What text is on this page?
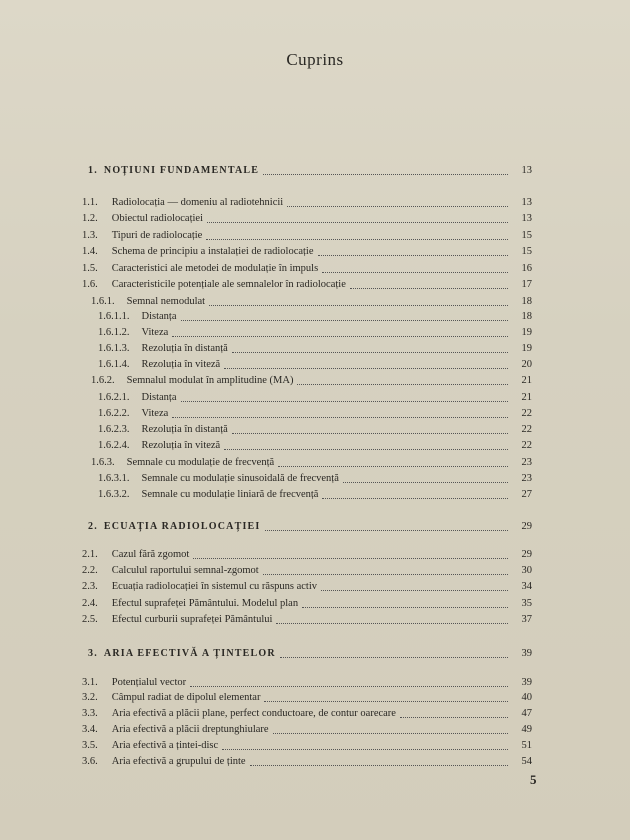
Cuprins
1. NOȚIUNI FUNDAMENTALE	13
1.1. Radiolocația — domeniu al radiotehnicii	13
1.2. Obiectul radiolocației	13
1.3. Tipuri de radiolocație	15
1.4. Schema de principiu a instalației de radiolocație	15
1.5. Caracteristici ale metodei de modulație în impuls	16
1.6. Caracteristicile potențiale ale semnalelor în radiolocație	17
1.6.1. Semnal nemodulat	18
1.6.1.1. Distanța	18
1.6.1.2. Viteza	19
1.6.1.3. Rezoluția în distanță	19
1.6.1.4. Rezoluția în viteză	20
1.6.2. Semnalul modulat în amplitudine (MA)	21
1.6.2.1. Distanța	21
1.6.2.2. Viteza	22
1.6.2.3. Rezoluția în distanță	22
1.6.2.4. Rezoluția în viteză	22
1.6.3. Semnale cu modulație de frecvență	23
1.6.3.1. Semnale cu modulație sinusoidală de frecvență	23
1.6.3.2. Semnale cu modulație liniară de frecvență	27
2. ECUAȚIA RADIOLOCAȚIEI	29
2.1. Cazul fără zgomot	29
2.2. Calculul raportului semnal-zgomot	30
2.3. Ecuația radiolocației în sistemul cu răspuns activ	34
2.4. Efectul suprafeței Pământului. Modelul plan	35
2.5. Efectul curburii suprafeței Pământului	37
3. ARIA EFECTIVĂ A ȚINTELOR	39
3.1. Potențialul vector	39
3.2. Câmpul radiat de dipolul elementar	40
3.3. Aria efectivă a plăcii plane, perfect conductoare, de contur oarecare	47
3.4. Aria efectivă a plăcii dreptunghiulare	49
3.5. Aria efectivă a țintei-disc	51
3.6. Aria efectivă a grupului de ținte	54
5
